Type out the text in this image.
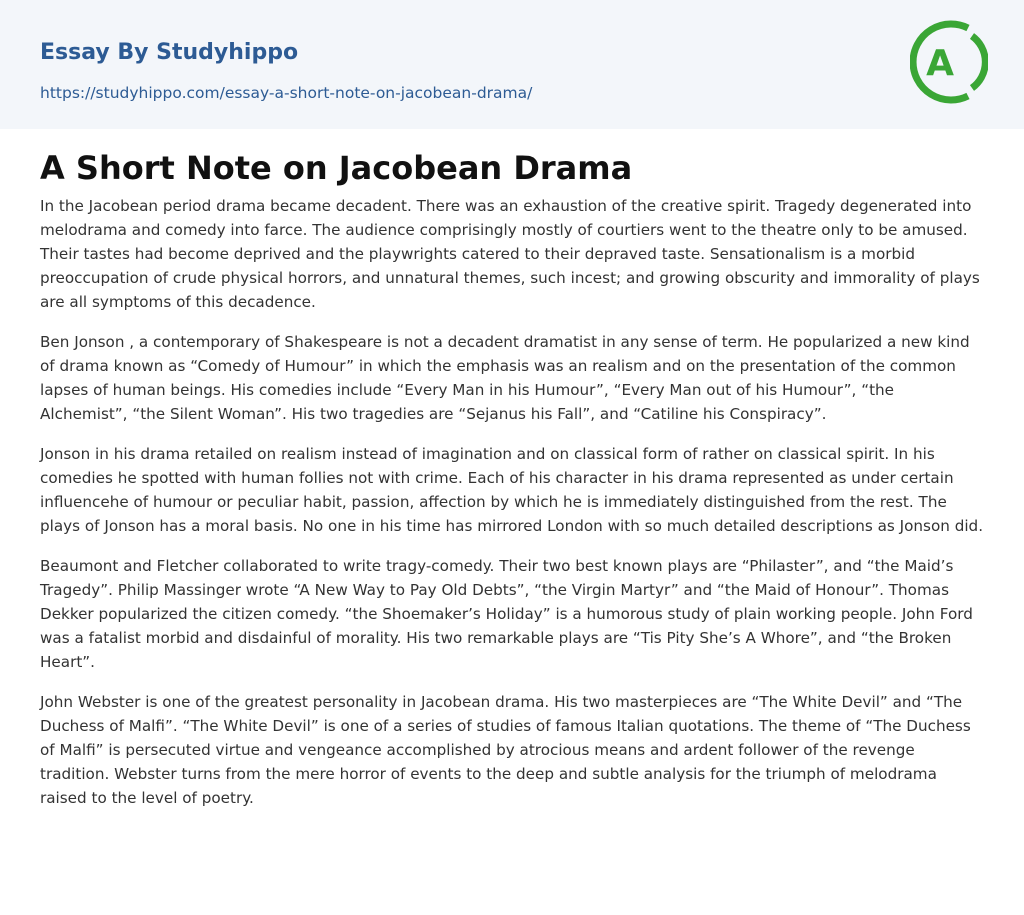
Essay By Studyhippo
https://studyhippo.com/essay-a-short-note-on-jacobean-drama/
A
A Short Note on Jacobean Drama

In the Jacobean period drama became decadent. There was an exhaustion of the creative spirit. Tragedy degenerated into melodrama and comedy into farce. The audience comprisingly mostly of courtiers went to the theatre only to be amused. Their tastes had become deprived and the playwrights catered to their depraved taste. Sensationalism is a morbid preoccupation of crude physical horrors, and unnatural themes, such incest; and growing obscurity and immorality of plays are all symptoms of this decadence.

Ben Jonson , a contemporary of Shakespeare is not a decadent dramatist in any sense of term. He popularized a new kind of drama known as “Comedy of Humour” in which the emphasis was an realism and on the presentation of the common lapses of human beings. His comedies include “Every Man in his Humour”, “Every Man out of his Humour”, “the Alchemist”, “the Silent Woman”. His two tragedies are “Sejanus his Fall”, and “Catiline his Conspiracy”.

Jonson in his drama retailed on realism instead of imagination and on classical form of rather on classical spirit. In his comedies he spotted with human follies not with crime. Each of his character in his drama represented as under certain influencehe of humour or peculiar habit, passion, affection by which he is immediately distinguished from the rest. The plays of Jonson has a moral basis. No one in his time has mirrored London with so much detailed descriptions as Jonson did.

Beaumont and Fletcher collaborated to write tragy-comedy. Their two best known plays are “Philaster”, and “the Maid’s Tragedy”. Philip Massinger wrote “A New Way to Pay Old Debts”, “the Virgin Martyr” and “the Maid of Honour”. Thomas Dekker popularized the citizen comedy. “the Shoemaker’s Holiday” is a humorous study of plain working people. John Ford was a fatalist morbid and disdainful of morality. His two remarkable plays are “Tis Pity She’s A Whore”, and “the Broken Heart”.

John Webster is one of the greatest personality in Jacobean drama. His two masterpieces are “The White Devil” and “The Duchess of Malfi”. “The White Devil” is one of a series of studies of famous Italian quotations. The theme of “The Duchess of Malfi” is persecuted virtue and vengeance accomplished by atrocious means and ardent follower of the revenge tradition. Webster turns from the mere horror of events to the deep and subtle analysis for the triumph of melodrama raised to the level of poetry.
